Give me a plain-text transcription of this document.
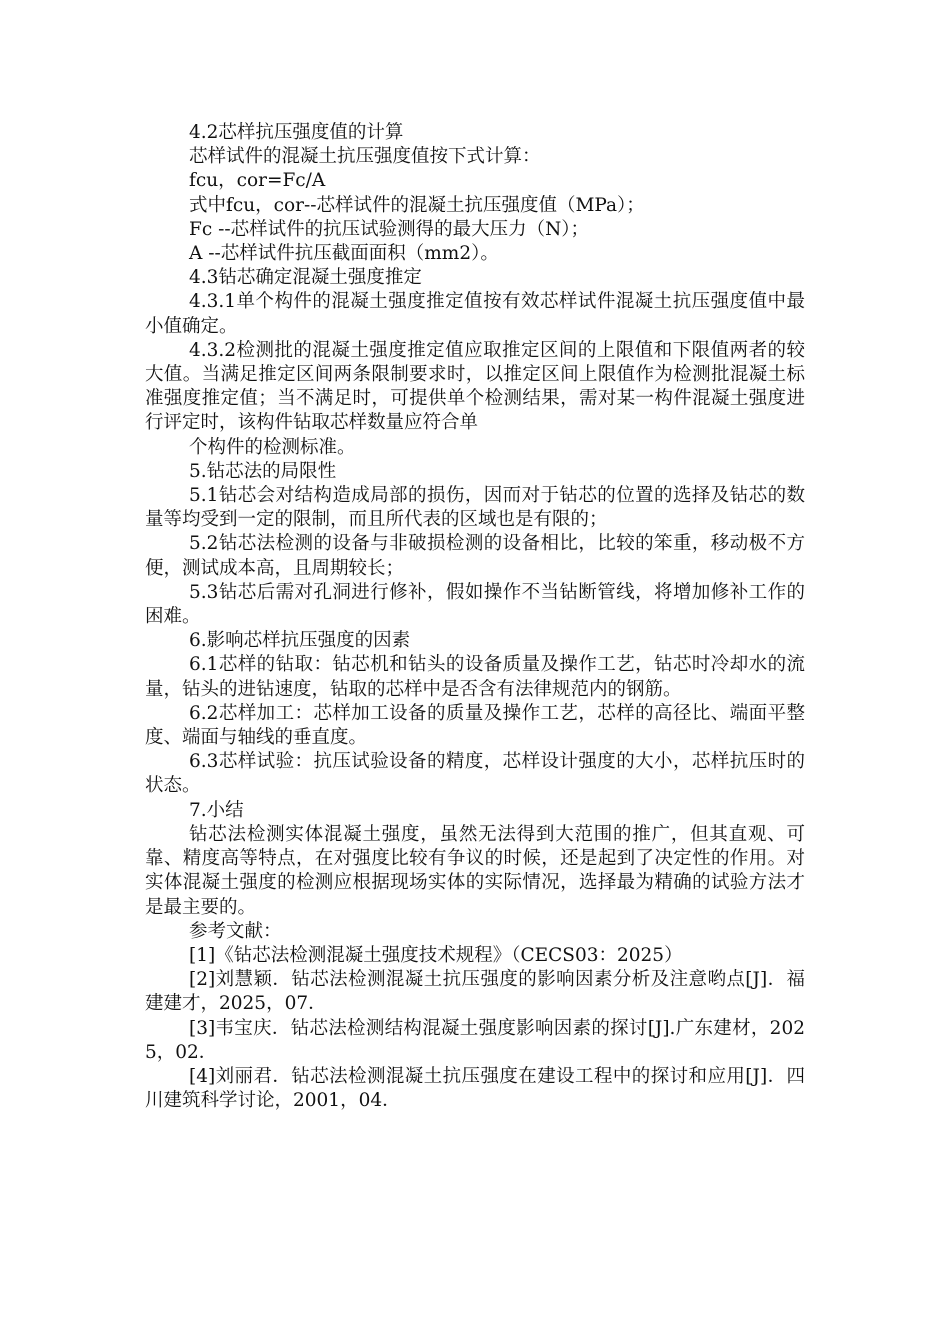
4.2芯样抗压强度值的计算

芯样试件的混凝土抗压强度值按下式计算：

fcu，cor=Fc/A

式中fcu，cor--芯样试件的混凝土抗压强度值（MPa）；

Fc --芯样试件的抗压试验测得的最大压力（N）；

A --芯样试件抗压截面面积（mm2）。

4.3钻芯确定混凝土强度推定

4.3.1单个构件的混凝土强度推定值按有效芯样试件混凝土抗压强度值中最小值确定。

4.3.2检测批的混凝土强度推定值应取推定区间的上限值和下限值两者的较大值。当满足推定区间两条限制要求时，以推定区间上限值作为检测批混凝土标准强度推定值；当不满足时，可提供单个检测结果，需对某一构件混凝土强度进行评定时，该构件钻取芯样数量应符合单

个构件的检测标准。

5.钻芯法的局限性

5.1钻芯会对结构造成局部的损伤，因而对于钻芯的位置的选择及钻芯的数量等均受到一定的限制，而且所代表的区域也是有限的；

5.2钻芯法检测的设备与非破损检测的设备相比，比较的笨重，移动极不方便，测试成本高，且周期较长；

5.3钻芯后需对孔洞进行修补，假如操作不当钻断管线，将增加修补工作的困难。

6.影响芯样抗压强度的因素

6.1芯样的钻取：钻芯机和钻头的设备质量及操作工艺，钻芯时冷却水的流量，钻头的进钻速度，钻取的芯样中是否含有法律规范内的钢筋。

6.2芯样加工：芯样加工设备的质量及操作工艺，芯样的高径比、端面平整度、端面与轴线的垂直度。

6.3芯样试验：抗压试验设备的精度，芯样设计强度的大小，芯样抗压时的状态。

7.小结

钻芯法检测实体混凝土强度，虽然无法得到大范围的推广，但其直观、可靠、精度高等特点，在对强度比较有争议的时候，还是起到了决定性的作用。对实体混凝土强度的检测应根据现场实体的实际情况，选择最为精确的试验方法才是最主要的。

参考文献：

[1]《钻芯法检测混凝土强度技术规程》（CECS03：2025）

[2]刘慧颖．钻芯法检测混凝土抗压强度的影响因素分析及注意哟点[J]．福建建才，2025，07．

[3]韦宝庆．钻芯法检测结构混凝土强度影响因素的探讨[J].广东建材，2025，02．

[4]刘丽君．钻芯法检测混凝土抗压强度在建设工程中的探讨和应用[J]．四川建筑科学讨论，2001，04．
